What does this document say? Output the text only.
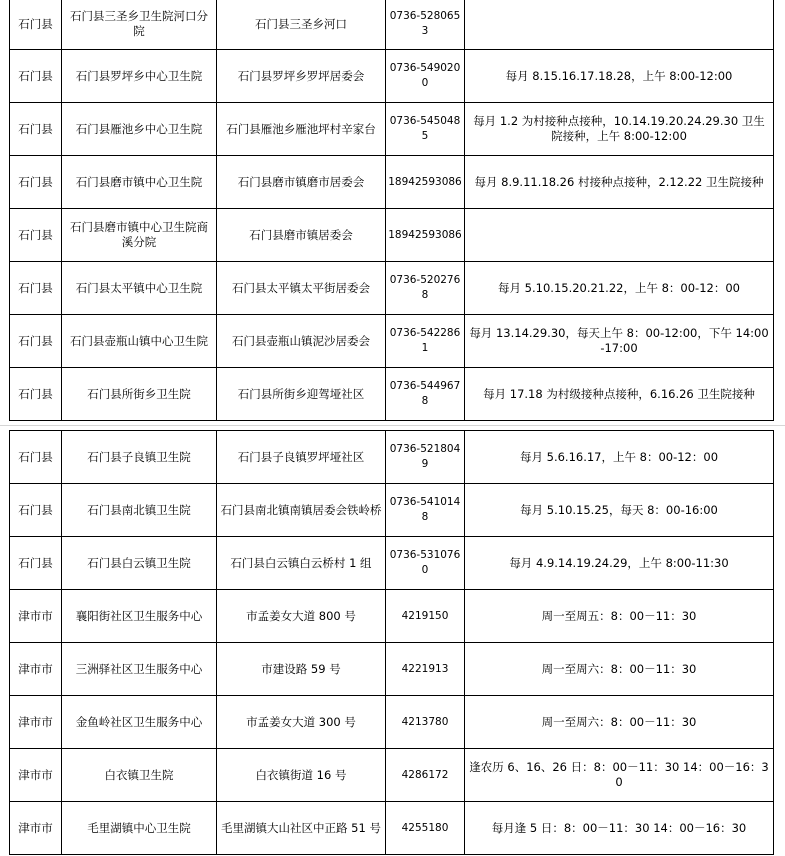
石门县	石门县三圣乡卫生院河口分院	石门县三圣乡河口	0736-5280653	
石门县	石门县罗坪乡中心卫生院	石门县罗坪乡罗坪居委会	0736-5490200	每月 8.15.16.17.18.28，上午 8:00-12:00
石门县	石门县雁池乡中心卫生院	石门县雁池乡雁池坪村辛家台	0736-5450485	每月 1.2 为村接种点接种，10.14.19.20.24.29.30 卫生院接种，上午 8:00-12:00
石门县	石门县磨市镇中心卫生院	石门县磨市镇磨市居委会	18942593086	每月 8.9.11.18.26 村接种点接种，2.12.22 卫生院接种
石门县	石门县磨市镇中心卫生院商溪分院	石门县磨市镇居委会	18942593086	
石门县	石门县太平镇中心卫生院	石门县太平镇太平街居委会	0736-5202768	每月 5.10.15.20.21.22，上午 8：00-12：00
石门县	石门县壶瓶山镇中心卫生院	石门县壶瓶山镇泥沙居委会	0736-5422861	每月 13.14.29.30，每天上午 8：00-12:00，下午 14:00-17:00
石门县	石门县所街乡卫生院	石门县所街乡迎驾垭社区	0736-5449678	每月 17.18 为村级接种点接种，6.16.26 卫生院接种
石门县	石门县子良镇卫生院	石门县子良镇罗坪垭社区	0736-5218049	每月 5.6.16.17，上午 8：00-12：00
石门县	石门县南北镇卫生院	石门县南北镇南镇居委会铁岭桥	0736-5410148	每月 5.10.15.25，每天 8：00-16:00
石门县	石门县白云镇卫生院	石门县白云镇白云桥村 1 组	0736-5310760	每月 4.9.14.19.24.29，上午 8:00-11:30
津市市	襄阳街社区卫生服务中心	市孟姜女大道 800 号	4219150	周一至周五：8：00－11：30
津市市	三洲驿社区卫生服务中心	市建设路 59 号	4221913	周一至周六：8：00－11：30
津市市	金鱼岭社区卫生服务中心	市孟姜女大道 300 号	4213780	周一至周六：8：00－11：30
津市市	白衣镇卫生院	白衣镇街道 16 号	4286172	逢农历 6、16、26 日：8：00－11：30 14：00－16：30
津市市	毛里湖镇中心卫生院	毛里湖镇大山社区中正路 51 号	4255180	每月逢 5 日：8：00－11：30 14：00－16：30
